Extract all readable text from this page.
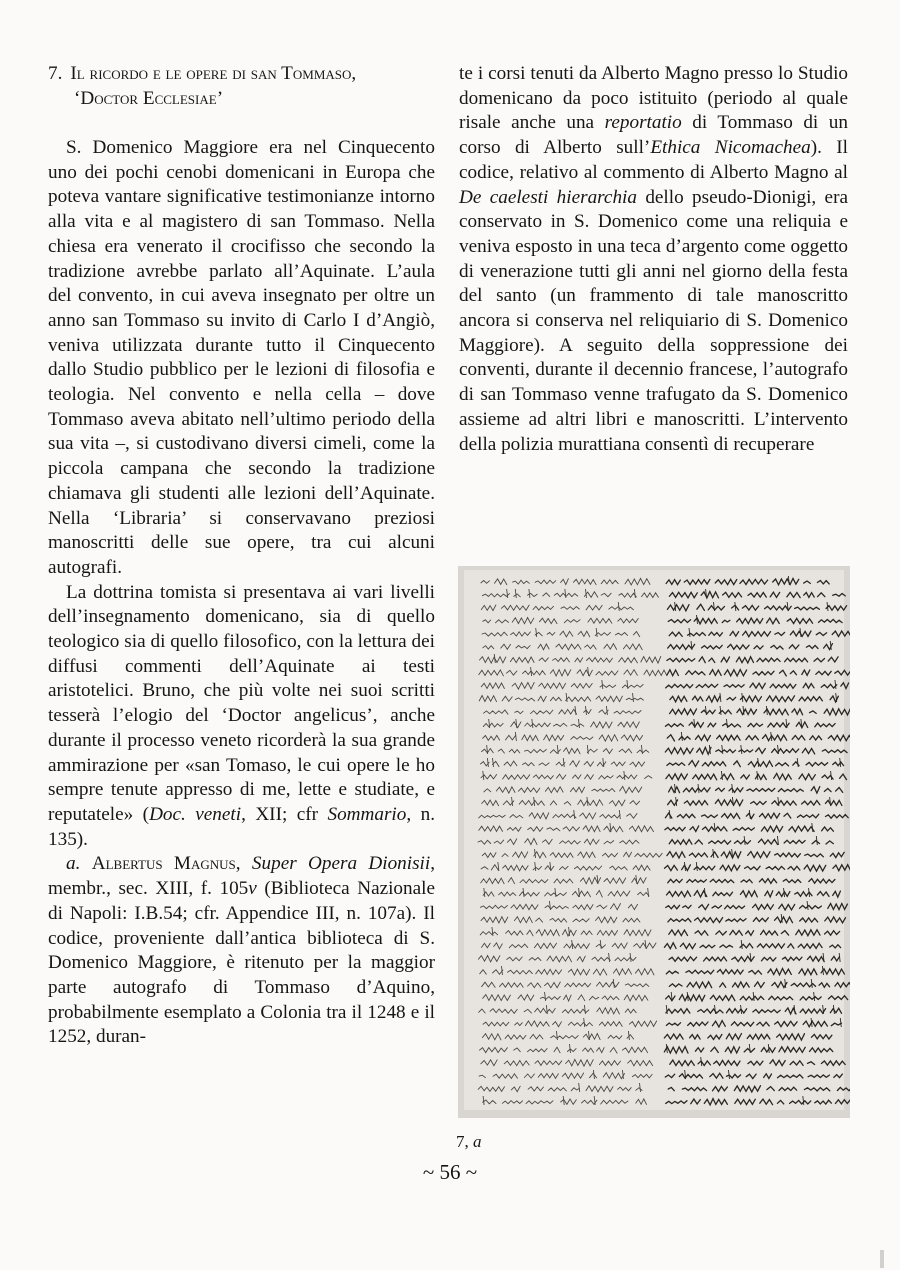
7. Il ricordo e le opere di san Tommaso,
‘Doctor Ecclesiae’

S. Domenico Maggiore era nel Cinquecento uno dei pochi cenobi domenicani in Europa che poteva vantare significative testimonianze intorno alla vita e al magistero di san Tommaso. Nella chiesa era venerato il crocifisso che secondo la tradizione avrebbe parlato all’Aquinate. L’aula del convento, in cui aveva insegnato per oltre un anno san Tommaso su invito di Carlo I d’Angiò, veniva utilizzata durante tutto il Cinquecento dallo Studio pubblico per le lezioni di filosofia e teologia. Nel convento e nella cella – dove Tommaso aveva abitato nell’ultimo periodo della sua vita –, si custodivano diversi cimeli, come la piccola campana che secondo la tradizione chiamava gli studenti alle lezioni dell’Aquinate. Nella ‘Libraria’ si conservavano preziosi manoscritti delle sue opere, tra cui alcuni autografi.

La dottrina tomista si presentava ai vari livelli dell’insegnamento domenicano, sia di quello teologico sia di quello filosofico, con la lettura dei diffusi commenti dell’Aquinate ai testi aristotelici. Bruno, che più volte nei suoi scritti tesserà l’elogio del ‘Doctor angelicus’, anche durante il processo veneto ricorderà la sua grande ammirazione per «san Tomaso, le cui opere le ho sempre tenute appresso di me, lette e studiate, e reputatele» (Doc. veneti, XII; cfr Sommario, n. 135).

a. Albertus Magnus, Super Opera Dionisii, membr., sec. XIII, f. 105v (Biblioteca Nazionale di Napoli: I.B.54; cfr. Appendice III, n. 107a). Il codice, proveniente dall’antica biblioteca di S. Domenico Maggiore, è ritenuto per la maggior parte autografo di Tommaso d’Aquino, probabilmente esemplato a Colonia tra il 1248 e il 1252, duran-

te i corsi tenuti da Alberto Magno presso lo Studio domenicano da poco istituito (periodo al quale risale anche una reportatio di Tommaso di un corso di Alberto sull’Ethica Nicomachea). Il codice, relativo al commento di Alberto Magno al De caelesti hierarchia dello pseudo-Dionigi, era conservato in S. Domenico come una reliquia e veniva esposto in una teca d’argento come oggetto di venerazione tutti gli anni nel giorno della festa del santo (un frammento di tale manoscritto ancora si conserva nel reliquiario di S. Domenico Maggiore). A seguito della soppressione dei conventi, durante il decennio francese, l’autografo di san Tommaso venne trafugato da S. Domenico assieme ad altri libri e manoscritti. L’intervento della polizia murattiana consentì di recuperare

7, a
~ 56 ~
